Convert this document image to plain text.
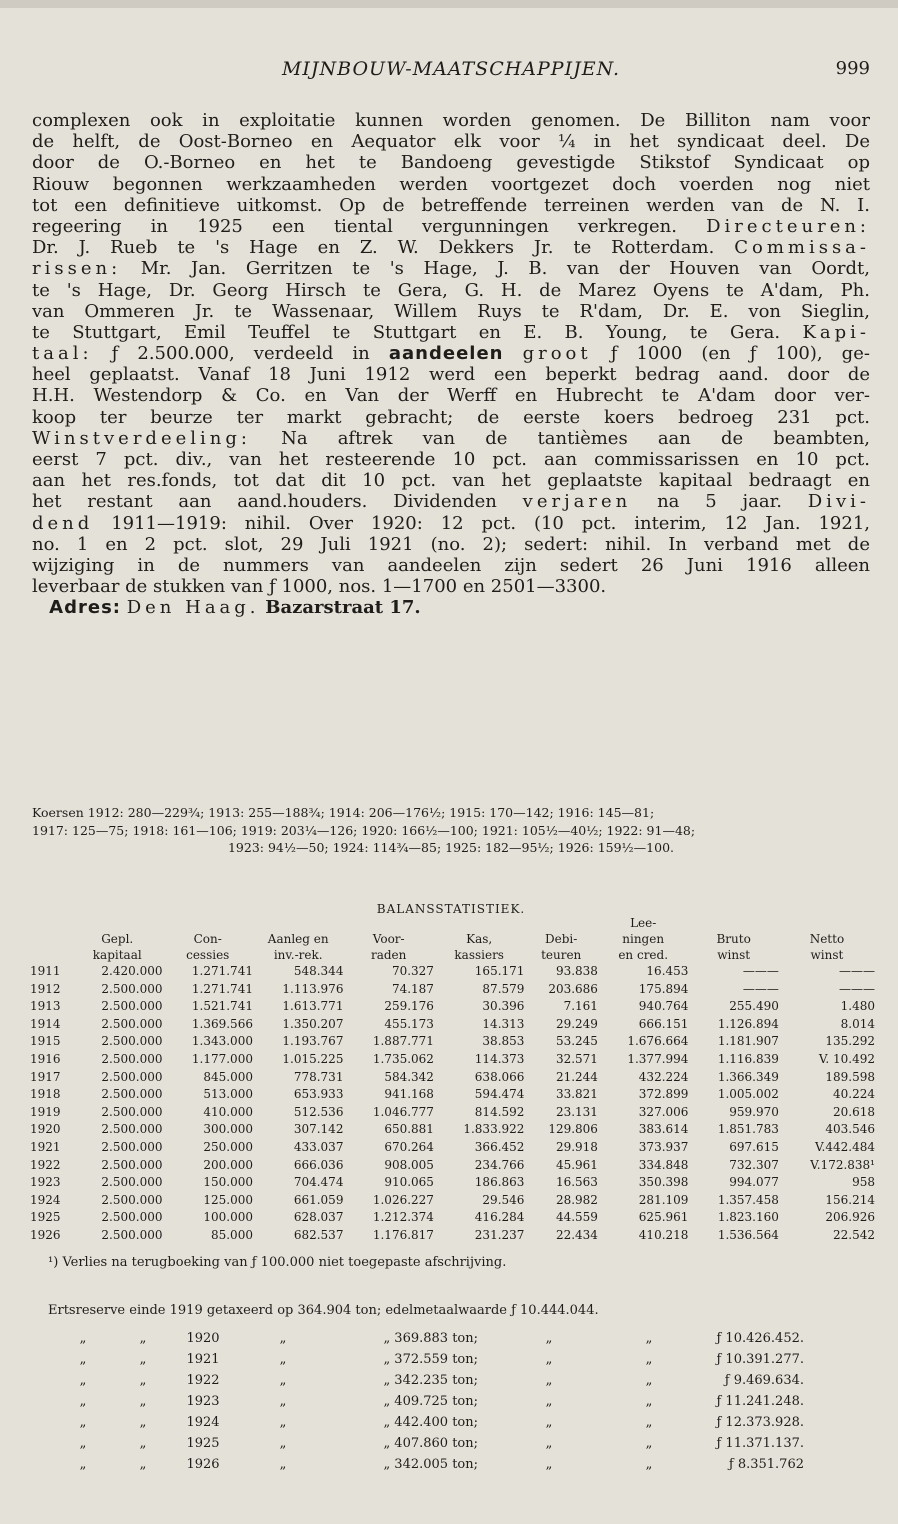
MIJNBOUW-MAATSCHAPPIJEN.	999
complexen ook in exploitatie kunnen worden genomen. De Billiton nam voor
de helft, de Oost-Borneo en Aequator elk voor ¼ in het syndicaat deel. De
door de O.-Borneo en het te Bandoeng gevestigde Stikstof Syndicaat op
Riouw begonnen werkzaamheden werden voortgezet doch voerden nog niet
tot een definitieve uitkomst. Op de betreffende terreinen werden van de N. I.
regeering in 1925 een tiental vergunningen verkregen. Directeuren:
Dr. J. Rueb te 's Hage en Z. W. Dekkers Jr. te Rotterdam. Commissa-
rissen: Mr. Jan. Gerritzen te 's Hage, J. B. van der Houven van Oordt,
te 's Hage, Dr. Georg Hirsch te Gera, G. H. de Marez Oyens te A'dam, Ph.
van Ommeren Jr. te Wassenaar, Willem Ruys te R'dam, Dr. E. von Sieglin,
te Stuttgart, Emil Teuffel te Stuttgart en E. B. Young, te Gera. Kapi-
taal: ƒ 2.500.000, verdeeld in aandeelen groot ƒ 1000 (en ƒ 100), ge-
heel geplaatst. Vanaf 18 Juni 1912 werd een beperkt bedrag aand. door de
H.H. Westendorp & Co. en Van der Werff en Hubrecht te A'dam door ver-
koop ter beurze ter markt gebracht; de eerste koers bedroeg 231 pct.
Winstverdeeling: Na aftrek van de tantièmes aan de beambten,
eerst 7 pct. div., van het resteerende 10 pct. aan commissarissen en 10 pct.
aan het res.fonds, tot dat dit 10 pct. van het geplaatste kapitaal bedraagt en
het restant aan aand.houders. Dividenden verjaren na 5 jaar. Divi-
dend 1911—1919: nihil. Over 1920: 12 pct. (10 pct. interim, 12 Jan. 1921,
no. 1 en 2 pct. slot, 29 Juli 1921 (no. 2); sedert: nihil. In verband met de
wijziging in de nummers van aandeelen zijn sedert 26 Juni 1916 alleen
leverbaar de stukken van ƒ 1000, nos. 1—1700 en 2501—3300.
Adres: Den Haag. Bazarstraat 17.
Koersen 1912: 280—229¾; 1913: 255—188¾; 1914: 206—176½; 1915: 170—142; 1916: 145—81;
1917: 125—75; 1918: 161—106; 1919: 203¼—126; 1920: 166½—100; 1921: 105½—40½; 1922: 91—48;
1923: 94½—50; 1924: 114¾—85; 1925: 182—95½; 1926: 159½—100.
BALANSSTATISTIEK.
							Lee-		
	Gepl.	Con-	Aanleg en	Voor-	Kas,	Debi-	ningen	Bruto	Netto
	kapitaal	cessies	inv.-rek.	raden	kassiers	teuren	en cred.	winst	winst
1911	2.420.000	1.271.741	548.344	70.327	165.171	93.838	16.453	———	———
1912	2.500.000	1.271.741	1.113.976	74.187	87.579	203.686	175.894	———	———
1913	2.500.000	1.521.741	1.613.771	259.176	30.396	7.161	940.764	255.490	1.480
1914	2.500.000	1.369.566	1.350.207	455.173	14.313	29.249	666.151	1.126.894	8.014
1915	2.500.000	1.343.000	1.193.767	1.887.771	38.853	53.245	1.676.664	1.181.907	135.292
1916	2.500.000	1.177.000	1.015.225	1.735.062	114.373	32.571	1.377.994	1.116.839	V. 10.492
1917	2.500.000	845.000	778.731	584.342	638.066	21.244	432.224	1.366.349	189.598
1918	2.500.000	513.000	653.933	941.168	594.474	33.821	372.899	1.005.002	40.224
1919	2.500.000	410.000	512.536	1.046.777	814.592	23.131	327.006	959.970	20.618
1920	2.500.000	300.000	307.142	650.881	1.833.922	129.806	383.614	1.851.783	403.546
1921	2.500.000	250.000	433.037	670.264	366.452	29.918	373.937	697.615	V.442.484
1922	2.500.000	200.000	666.036	908.005	234.766	45.961	334.848	732.307	V.172.838¹
1923	2.500.000	150.000	704.474	910.065	186.863	16.563	350.398	994.077	958
1924	2.500.000	125.000	661.059	1.026.227	29.546	28.982	281.109	1.357.458	156.214
1925	2.500.000	100.000	628.037	1.212.374	416.284	44.559	625.961	1.823.160	206.926
1926	2.500.000	85.000	682.537	1.176.817	231.237	22.434	410.218	1.536.564	22.542
¹) Verlies na terugboeking van ƒ 100.000 niet toegepaste afschrijving.
Ertsreserve einde 1919 getaxeerd op 364.904 ton; edelmetaalwaarde ƒ 10.444.044.
„	„	1920	„	„ 369.883 ton;	„	„	ƒ 10.426.452.
„	„	1921	„	„ 372.559 ton;	„	„	ƒ 10.391.277.
„	„	1922	„	„ 342.235 ton;	„	„	ƒ 9.469.634.
„	„	1923	„	„ 409.725 ton;	„	„	ƒ 11.241.248.
„	„	1924	„	„ 442.400 ton;	„	„	ƒ 12.373.928.
„	„	1925	„	„ 407.860 ton;	„	„	ƒ 11.371.137.
„	„	1926	„	„ 342.005 ton;	„	„	ƒ 8.351.762
